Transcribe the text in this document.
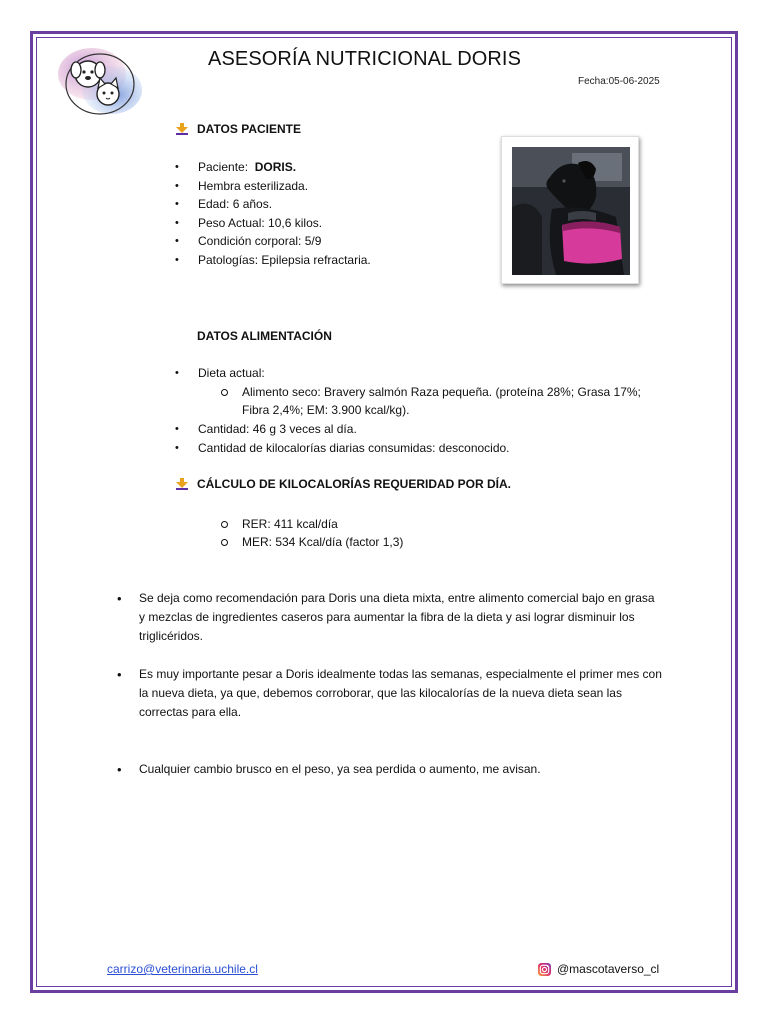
ASESORÍA NUTRICIONAL DORIS
Fecha:05-06-2025
DATOS PACIENTE
• Paciente: DORIS.
• Hembra esterilizada.
• Edad: 6 años.
• Peso Actual: 10,6 kilos.
• Condición corporal: 5/9
• Patologías: Epilepsia refractaria.
DATOS ALIMENTACIÓN
• Dieta actual:
Alimento seco: Bravery salmón Raza pequeña. (proteína 28%; Grasa 17%; Fibra 2,4%; EM: 3.900 kcal/kg).
• Cantidad: 46 g 3 veces al día.
• Cantidad de kilocalorías diarias consumidas: desconocido.
CÁLCULO DE KILOCALORÍAS REQUERIDAD POR DÍA.
RER: 411 kcal/día
MER: 534 Kcal/día (factor 1,3)
• Se deja como recomendación para Doris una dieta mixta, entre alimento comercial bajo en grasa y mezclas de ingredientes caseros para aumentar la fibra de la dieta y asi lograr disminuir los triglicéridos.
• Es muy importante pesar a Doris idealmente todas las semanas, especialmente el primer mes con la nueva dieta, ya que, debemos corroborar, que las kilocalorías de la nueva dieta sean las correctas para ella.
• Cualquier cambio brusco en el peso, ya sea perdida o aumento, me avisan.
carrizo@veterinaria.uchile.cl	@mascotaverso_cl
